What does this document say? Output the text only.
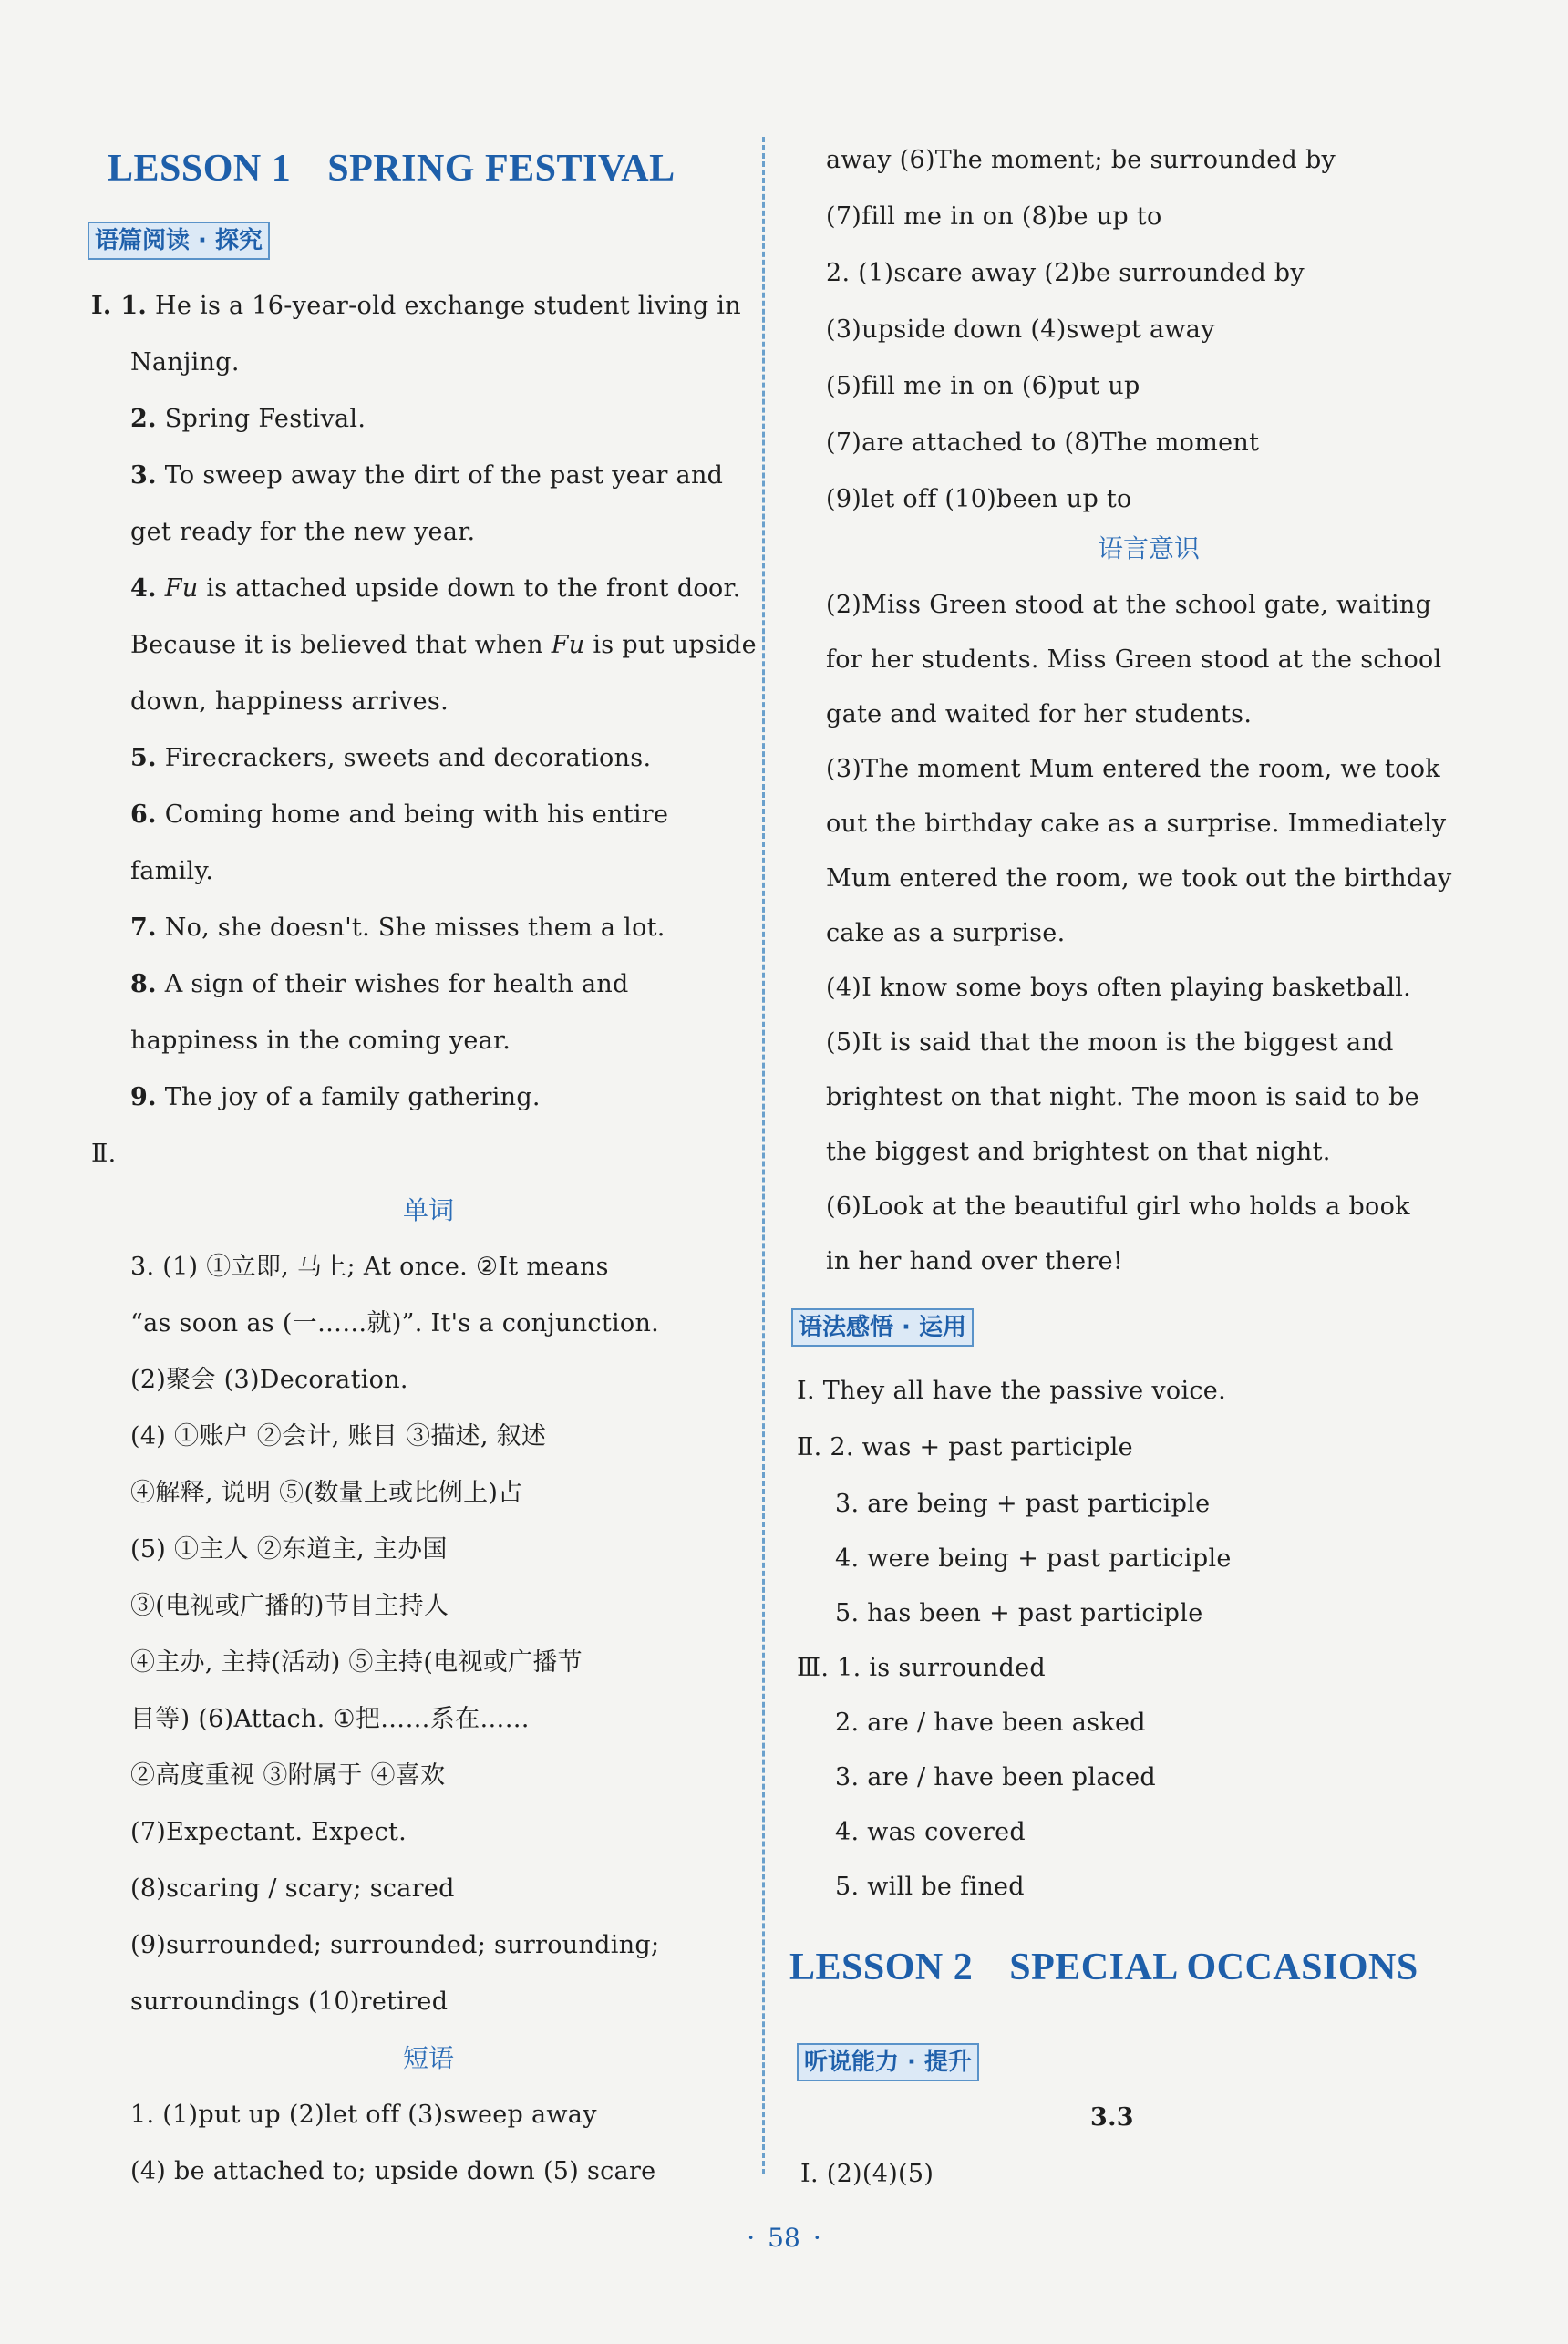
LESSON 1 SPRING FESTIVAL
语篇阅读 · 探究

Ⅰ. 1. He is a 16-year-old exchange student living in

Nanjing.

2. Spring Festival.

3. To sweep away the dirt of the past year and

get ready for the new year.

4. Fu is attached upside down to the front door.

Because it is believed that when Fu is put upside

down, happiness arrives.

5. Firecrackers, sweets and decorations.

6. Coming home and being with his entire

family.

7. No, she doesn't. She misses them a lot.

8. A sign of their wishes for health and

happiness in the coming year.

9. The joy of a family gathering.

Ⅱ.

单词

3. (1) ①立即, 马上; At once. ②It means

“as soon as (一……就)”. It's a conjunction.

(2)聚会 (3)Decoration.

(4) ①账户 ②会计, 账目 ③描述, 叙述

④解释, 说明 ⑤(数量上或比例上)占

(5) ①主人 ②东道主, 主办国

③(电视或广播的)节目主持人

④主办, 主持(活动) ⑤主持(电视或广播节

目等) (6)Attach. ①把……系在……

②高度重视 ③附属于 ④喜欢

(7)Expectant. Expect.

(8)scaring / scary; scared

(9)surrounded; surrounded; surrounding;

surroundings (10)retired

短语

1. (1)put up (2)let off (3)sweep away

(4) be attached to; upside down (5) scare

away (6)The moment; be surrounded by

(7)fill me in on (8)be up to

2. (1)scare away (2)be surrounded by

(3)upside down (4)swept away

(5)fill me in on (6)put up

(7)are attached to (8)The moment

(9)let off (10)been up to

语言意识

(2)Miss Green stood at the school gate, waiting

for her students. Miss Green stood at the school

gate and waited for her students.

(3)The moment Mum entered the room, we took

out the birthday cake as a surprise. Immediately

Mum entered the room, we took out the birthday

cake as a surprise.

(4)I know some boys often playing basketball.

(5)It is said that the moon is the biggest and

brightest on that night. The moon is said to be

the biggest and brightest on that night.

(6)Look at the beautiful girl who holds a book

in her hand over there!

语法感悟 · 运用

Ⅰ. They all have the passive voice.

Ⅱ. 2. was + past participle

3. are being + past participle

4. were being + past participle

5. has been + past participle

Ⅲ. 1. is surrounded

2. are / have been asked

3. are / have been placed

4. was covered

5. will be fined

LESSON 2 SPECIAL OCCASIONS
听说能力 · 提升

3.3

Ⅰ. (2)(4)(5)

· 58 ·
